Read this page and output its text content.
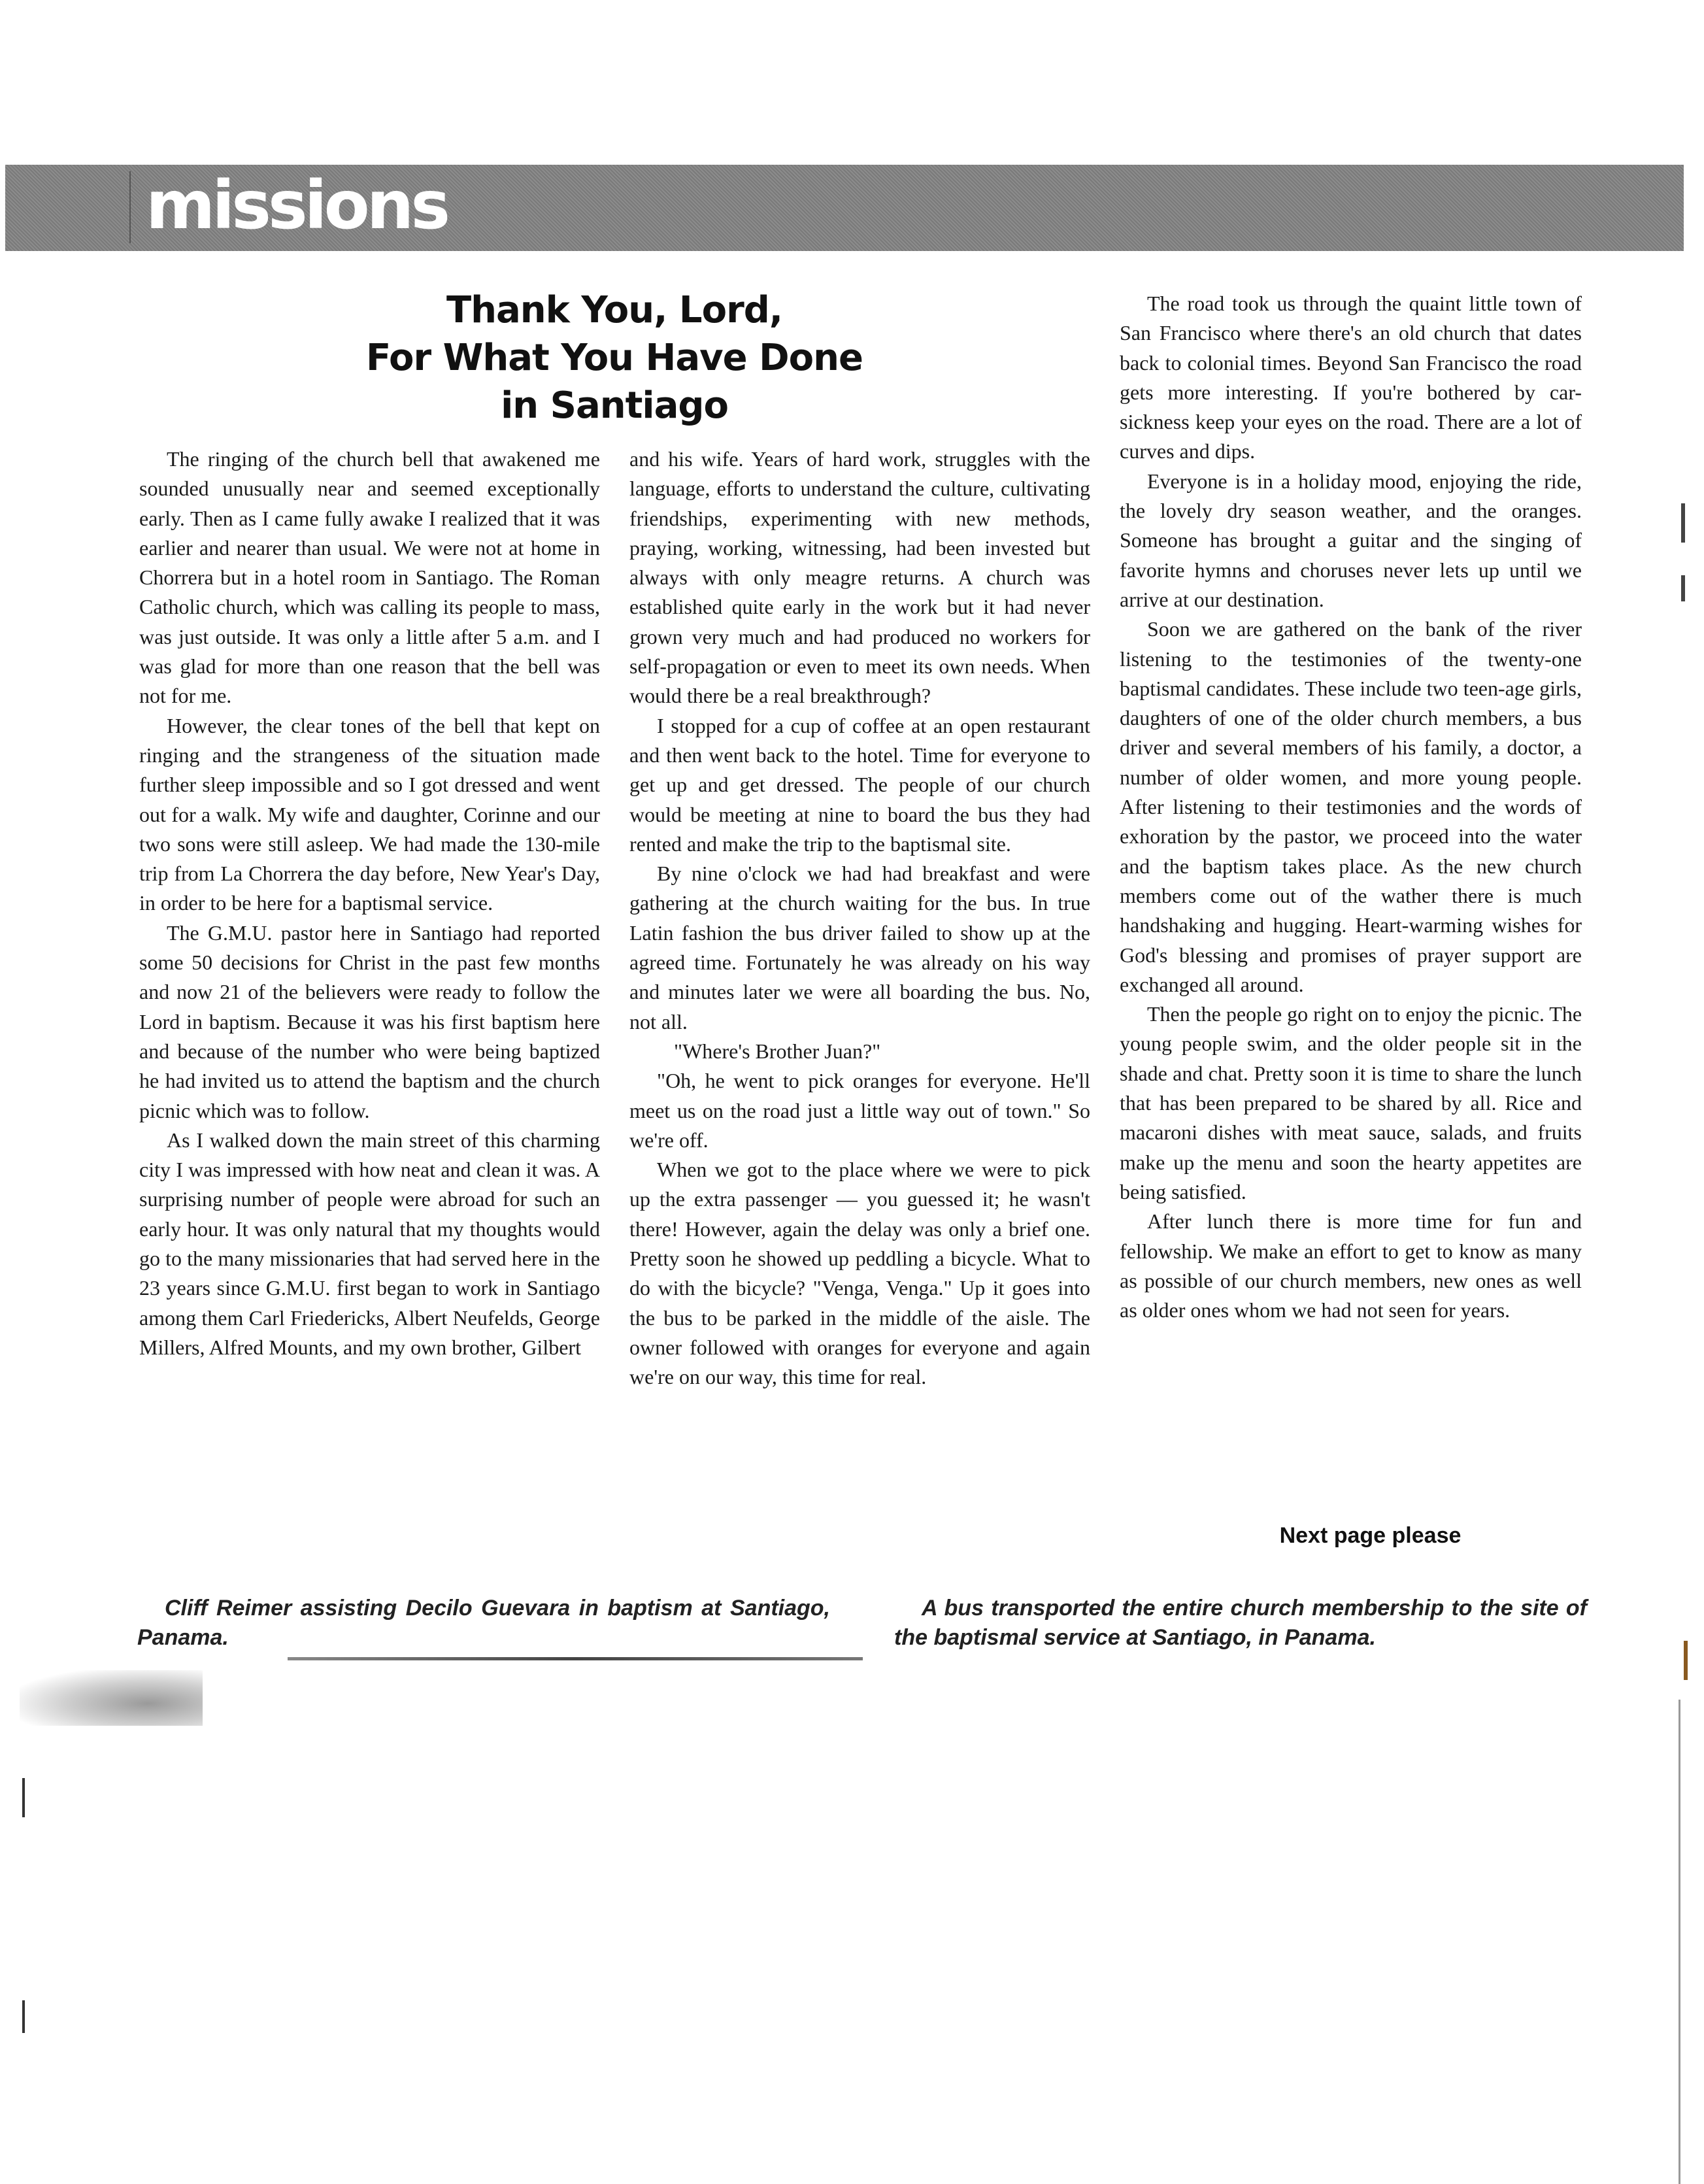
missions
Thank You, Lord,
For What You Have Done
in Santiago

The ringing of the church bell that awakened me sounded unusually near and seemed exceptionally early. Then as I came fully awake I realized that it was earlier and nearer than usual. We were not at home in Chorrera but in a hotel room in Santiago. The Roman Catholic church, which was calling its people to mass, was just outside. It was only a little after 5 a.m. and I was glad for more than one reason that the bell was not for me.

However, the clear tones of the bell that kept on ringing and the strangeness of the situation made further sleep impossible and so I got dressed and went out for a walk. My wife and daughter, Corinne and our two sons were still asleep. We had made the 130-mile trip from La Chorrera the day before, New Year's Day, in order to be here for a baptismal service.

The G.M.U. pastor here in Santiago had reported some 50 decisions for Christ in the past few months and now 21 of the believers were ready to follow the Lord in baptism. Because it was his first baptism here and because of the number who were being baptized he had invited us to attend the baptism and the church picnic which was to follow.

As I walked down the main street of this charming city I was impressed with how neat and clean it was. A surprising number of people were abroad for such an early hour. It was only natural that my thoughts would go to the many missionaries that had served here in the 23 years since G.M.U. first began to work in Santiago among them Carl Friedericks, Albert Neufelds, George Millers, Alfred Mounts, and my own brother, Gilbert

and his wife. Years of hard work, struggles with the language, efforts to understand the culture, cultivating friendships, experimenting with new methods, praying, working, witnessing, had been invested but always with only meagre returns. A church was established quite early in the work but it had never grown very much and had produced no workers for self-propagation or even to meet its own needs. When would there be a real breakthrough?

I stopped for a cup of coffee at an open restaurant and then went back to the hotel. Time for everyone to get up and get dressed. The people of our church would be meeting at nine to board the bus they had rented and make the trip to the baptismal site.

By nine o'clock we had had breakfast and were gathering at the church waiting for the bus. In true Latin fashion the bus driver failed to show up at the agreed time. Fortunately he was already on his way and minutes later we were all boarding the bus. No, not all.

"Where's Brother Juan?"

"Oh, he went to pick oranges for everyone. He'll meet us on the road just a little way out of town." So we're off.

When we got to the place where we were to pick up the extra passenger — you guessed it; he wasn't there! However, again the delay was only a brief one. Pretty soon he showed up peddling a bicycle. What to do with the bicycle? "Venga, Venga." Up it goes into the bus to be parked in the middle of the aisle. The owner followed with oranges for everyone and again we're on our way, this time for real.

The road took us through the quaint little town of San Francisco where there's an old church that dates back to colonial times. Beyond San Francisco the road gets more interesting. If you're bothered by car-sickness keep your eyes on the road. There are a lot of curves and dips.

Everyone is in a holiday mood, enjoying the ride, the lovely dry season weather, and the oranges. Someone has brought a guitar and the singing of favorite hymns and choruses never lets up until we arrive at our destination.

Soon we are gathered on the bank of the river listening to the testimonies of the twenty-one baptismal candidates. These include two teen-age girls, daughters of one of the older church members, a bus driver and several members of his family, a doctor, a number of older women, and more young people. After listening to their testimonies and the words of exhoration by the pastor, we proceed into the water and the baptism takes place. As the new church members come out of the wather there is much handshaking and hugging. Heart-warming wishes for God's blessing and promises of prayer support are exchanged all around.

Then the people go right on to enjoy the picnic. The young people swim, and the older people sit in the shade and chat. Pretty soon it is time to share the lunch that has been prepared to be shared by all. Rice and macaroni dishes with meat sauce, salads, and fruits make up the menu and soon the hearty appetites are being satisfied.

After lunch there is more time for fun and fellowship. We make an effort to get to know as many as possible of our church members, new ones as well as older ones whom we had not seen for years.

Next page please
Cliff Reimer assisting Decilo Guevara in baptism at Santiago, Panama.
A bus transported the entire church membership to the site of the baptismal service at Santiago, in Panama.
